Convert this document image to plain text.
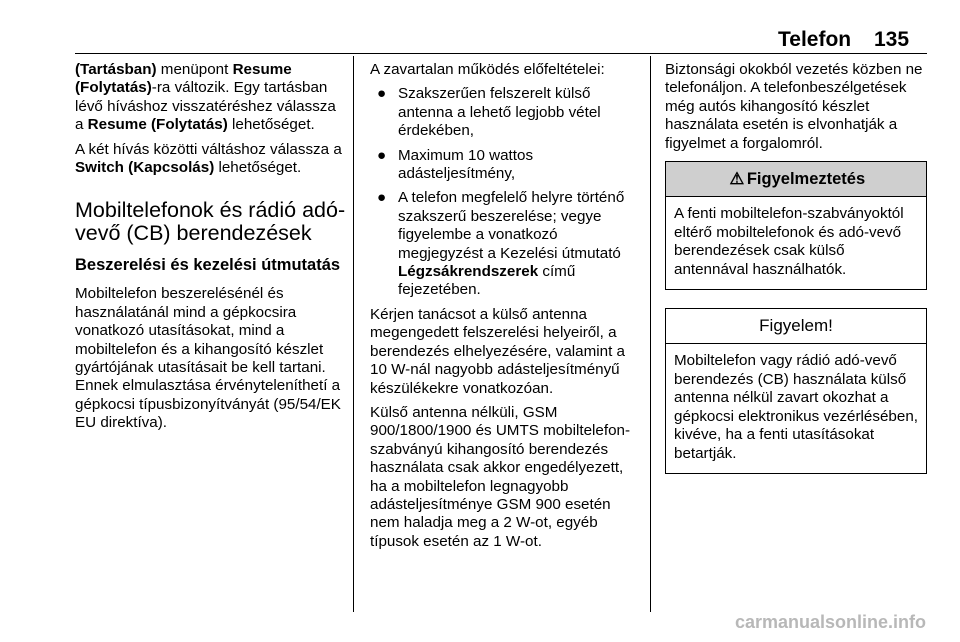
Telefon 135

(Tartásban) menüpont Resume (Folytatás)-ra változik. Egy tartásban lévő híváshoz visszatéréshez válassza a Resume (Folytatás) lehetőséget.

A két hívás közötti váltáshoz válassza a Switch (Kapcsolás) lehetőséget.

Mobiltelefonok és rádió adó-vevő (CB) berendezések
Beszerelési és kezelési útmutatás

Mobiltelefon beszerelésénél és használatánál mind a gépkocsira vonatkozó utasításokat, mind a mobiltelefon és a kihangosító készlet gyártójának utasításait be kell tartani. Ennek elmulasztása érvényteleníthetí a gépkocsi típusbizonyítványát (95/54/EK EU direktíva).

A zavartalan működés előfeltételei:

● Szakszerűen felszerelt külső antenna a lehető legjobb vétel érdekében,
● Maximum 10 wattos adásteljesítmény,
● A telefon megfelelő helyre történő szakszerű beszerelése; vegye figyelembe a vonatkozó megjegyzést a Kezelési útmutató Légzsákrendszerek című fejezetében.

Kérjen tanácsot a külső antenna megengedett felszerelési helyeiről, a berendezés elhelyezésére, valamint a 10 W-nál nagyobb adásteljesítményű készülékekre vonatkozóan.

Külső antenna nélküli, GSM 900/1800/1900 és UMTS mobiltelefon-szabványú kihangosító berendezés használata csak akkor engedélyezett, ha a mobiltelefon legnagyobb adásteljesítménye GSM 900 esetén nem haladja meg a 2 W-ot, egyéb típusok esetén az 1 W-ot.

Biztonsági okokból vezetés közben ne telefonáljon. A telefonbeszélgetések még autós kihangosító készlet használata esetén is elvonhatják a figyelmet a forgalomról.

⚠ Figyelmeztetés
A fenti mobiltelefon-szabványoktól eltérő mobiltelefonok és adó-vevő berendezések csak külső antennával használhatók.
Figyelem!
Mobiltelefon vagy rádió adó-vevő berendezés (CB) használata külső antenna nélkül zavart okozhat a gépkocsi elektronikus vezérlésében, kivéve, ha a fenti utasításokat betartják.
carmanualsonline.info
